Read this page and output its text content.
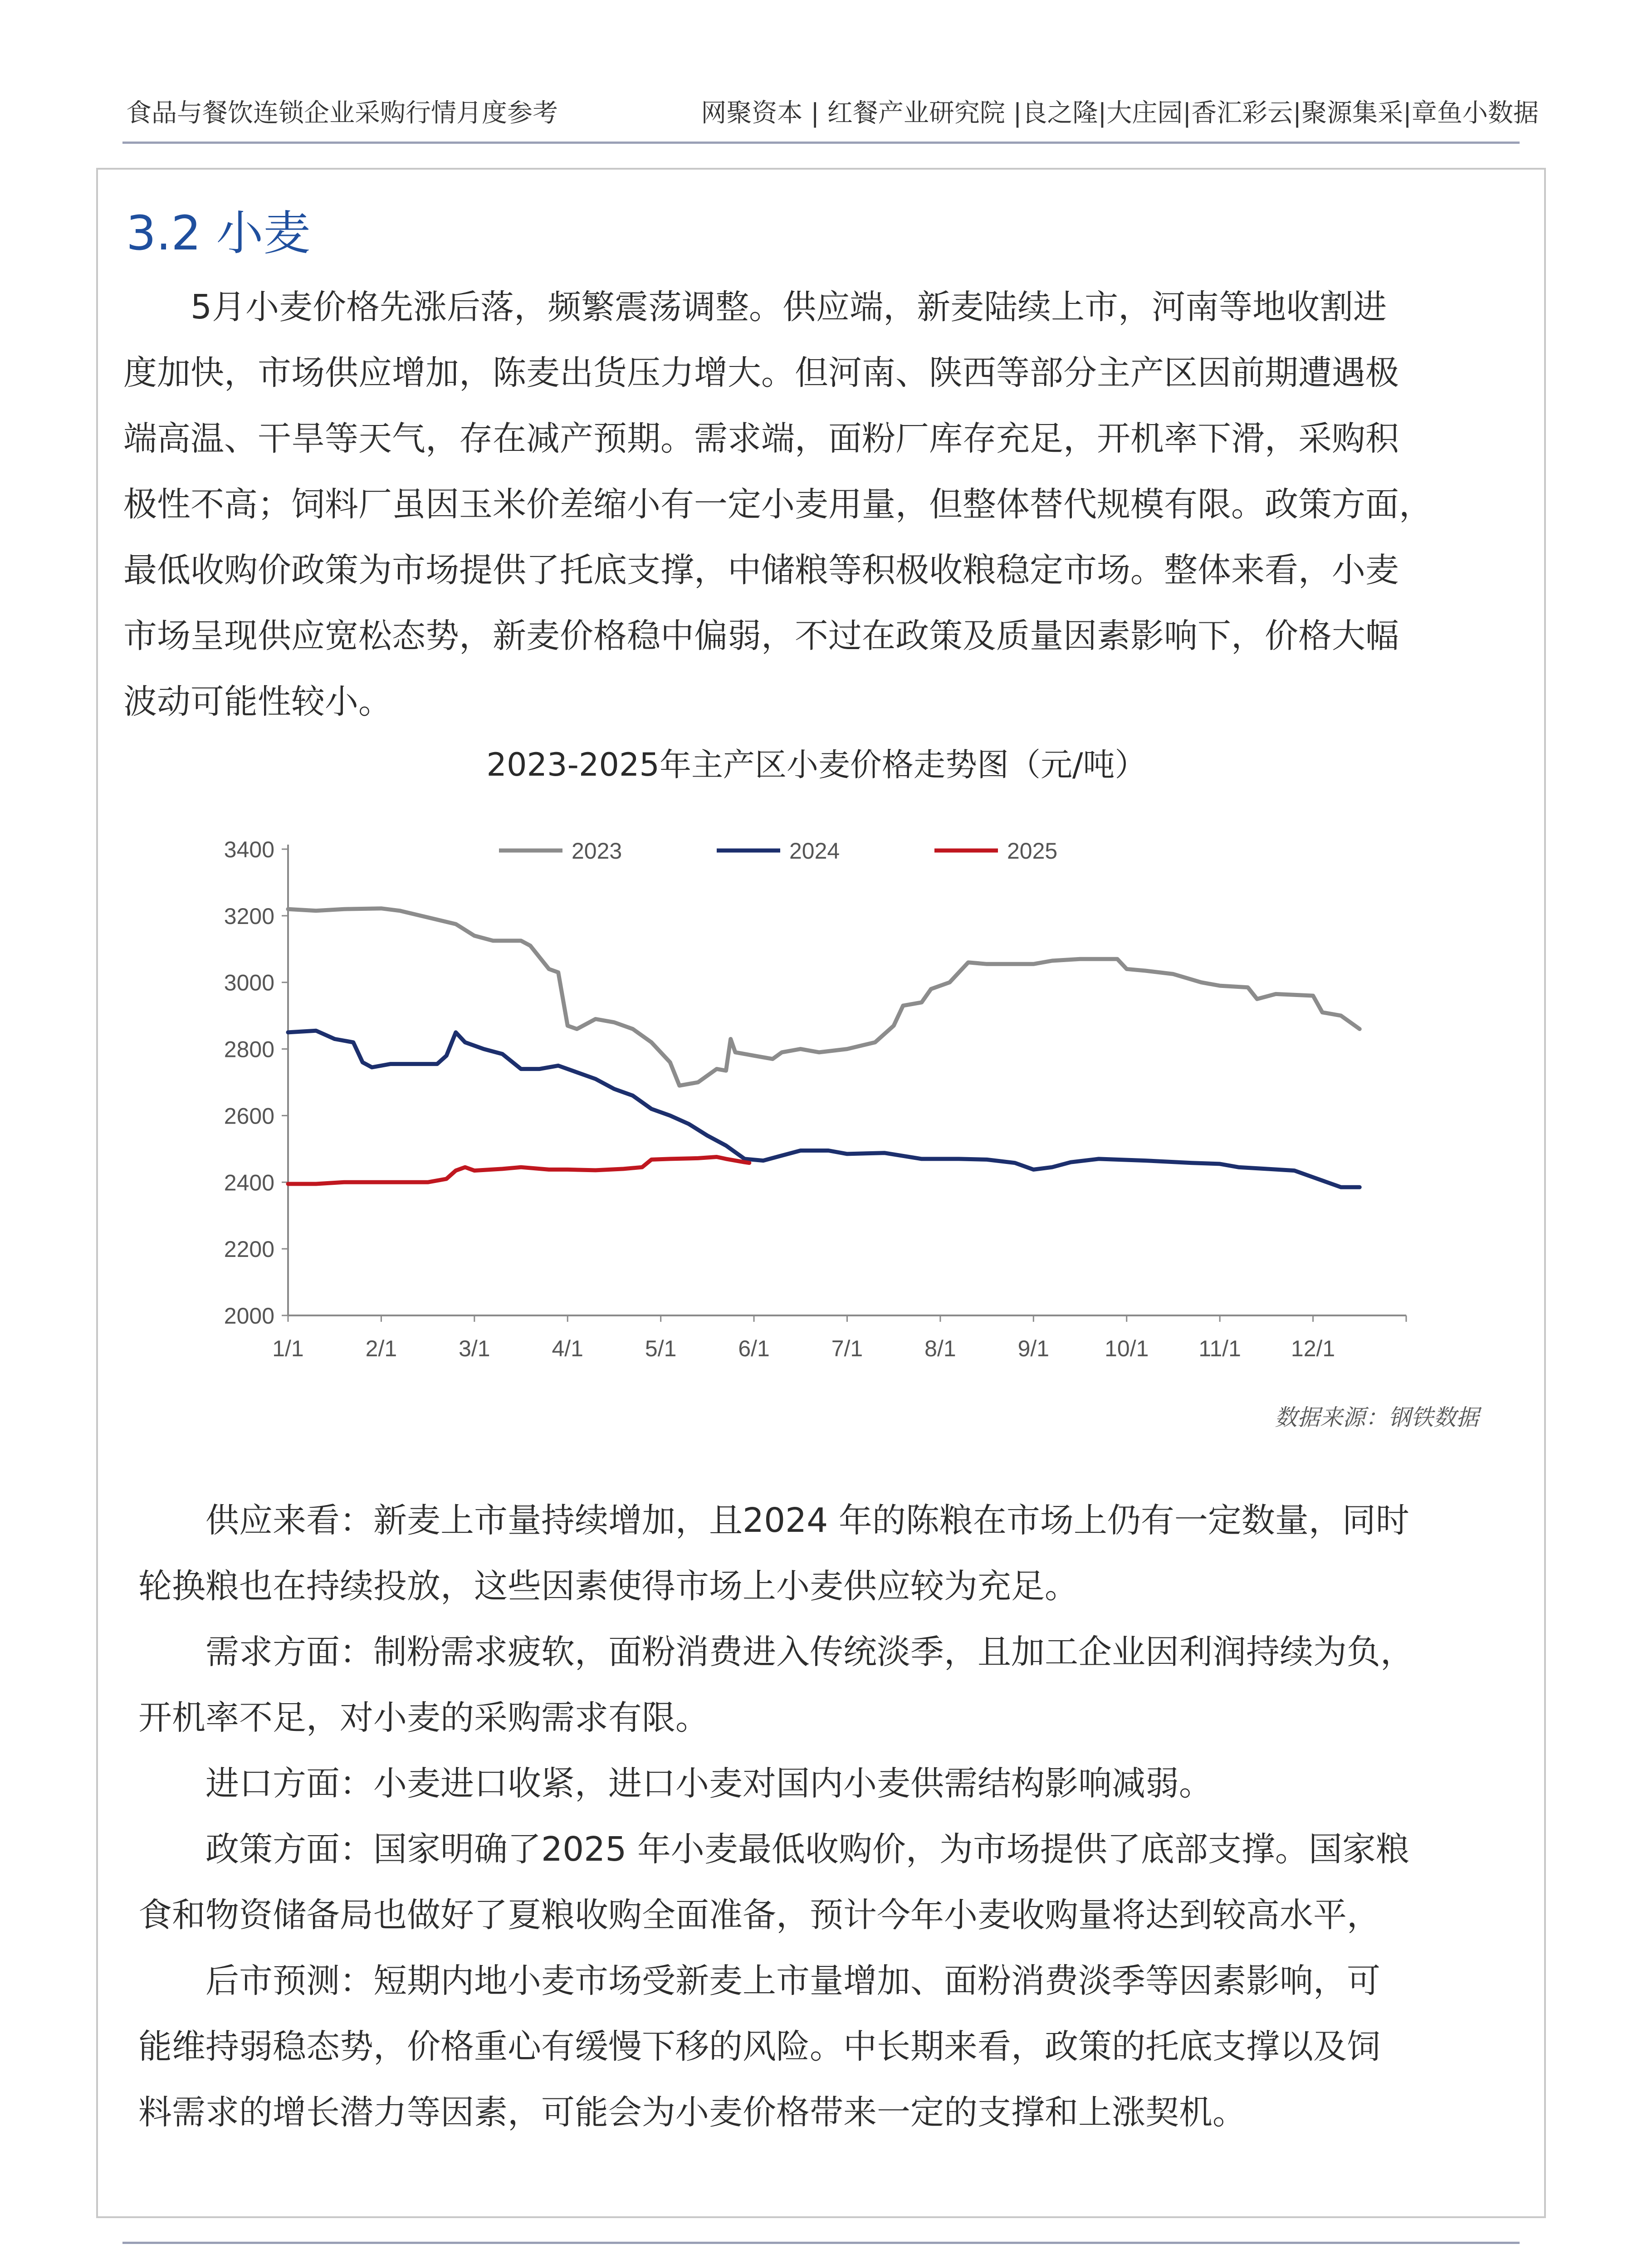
食品与餐饮连锁企业采购行情月度参考	网聚资本 | 红餐产业研究院 |良之隆|大庄园|香汇彩云|聚源集采|章鱼小数据
3.2 小麦
　　5月小麦价格先涨后落，频繁震荡调整。供应端，新麦陆续上市，河南等地收割进
度加快，市场供应增加，陈麦出货压力增大。但河南、陕西等部分主产区因前期遭遇极
端高温、干旱等天气，存在减产预期。需求端，面粉厂库存充足，开机率下滑，采购积
极性不高；饲料厂虽因玉米价差缩小有一定小麦用量，但整体替代规模有限。政策方面，
最低收购价政策为市场提供了托底支撑，中储粮等积极收粮稳定市场。整体来看，小麦
市场呈现供应宽松态势，新麦价格稳中偏弱，不过在政策及质量因素影响下，价格大幅
波动可能性较小。
2023-2025年主产区小麦价格走势图（元/吨）
2000
2200
2400
2600
2800
3000
3200
3400
1/1	2/1	3/1	4/1	5/1	6/1	7/1	8/1	9/1 10/1 11/1 12/1
2023	2024	2025
数据来源：钢铁数据
　　供应来看：新麦上市量持续增加，且2024 年的陈粮在市场上仍有一定数量，同时
轮换粮也在持续投放，这些因素使得市场上小麦供应较为充足。
　　需求方面：制粉需求疲软，面粉消费进入传统淡季，且加工企业因利润持续为负，
开机率不足，对小麦的采购需求有限。
　　进口方面：小麦进口收紧，进口小麦对国内小麦供需结构影响减弱。
　　政策方面：国家明确了2025 年小麦最低收购价，为市场提供了底部支撑。国家粮
食和物资储备局也做好了夏粮收购全面准备，预计今年小麦收购量将达到较高水平，
　　后市预测：短期内地小麦市场受新麦上市量增加、面粉消费淡季等因素影响，可
能维持弱稳态势，价格重心有缓慢下移的风险。中长期来看，政策的托底支撑以及饲
料需求的增长潜力等因素，可能会为小麦价格带来一定的支撑和上涨契机。
